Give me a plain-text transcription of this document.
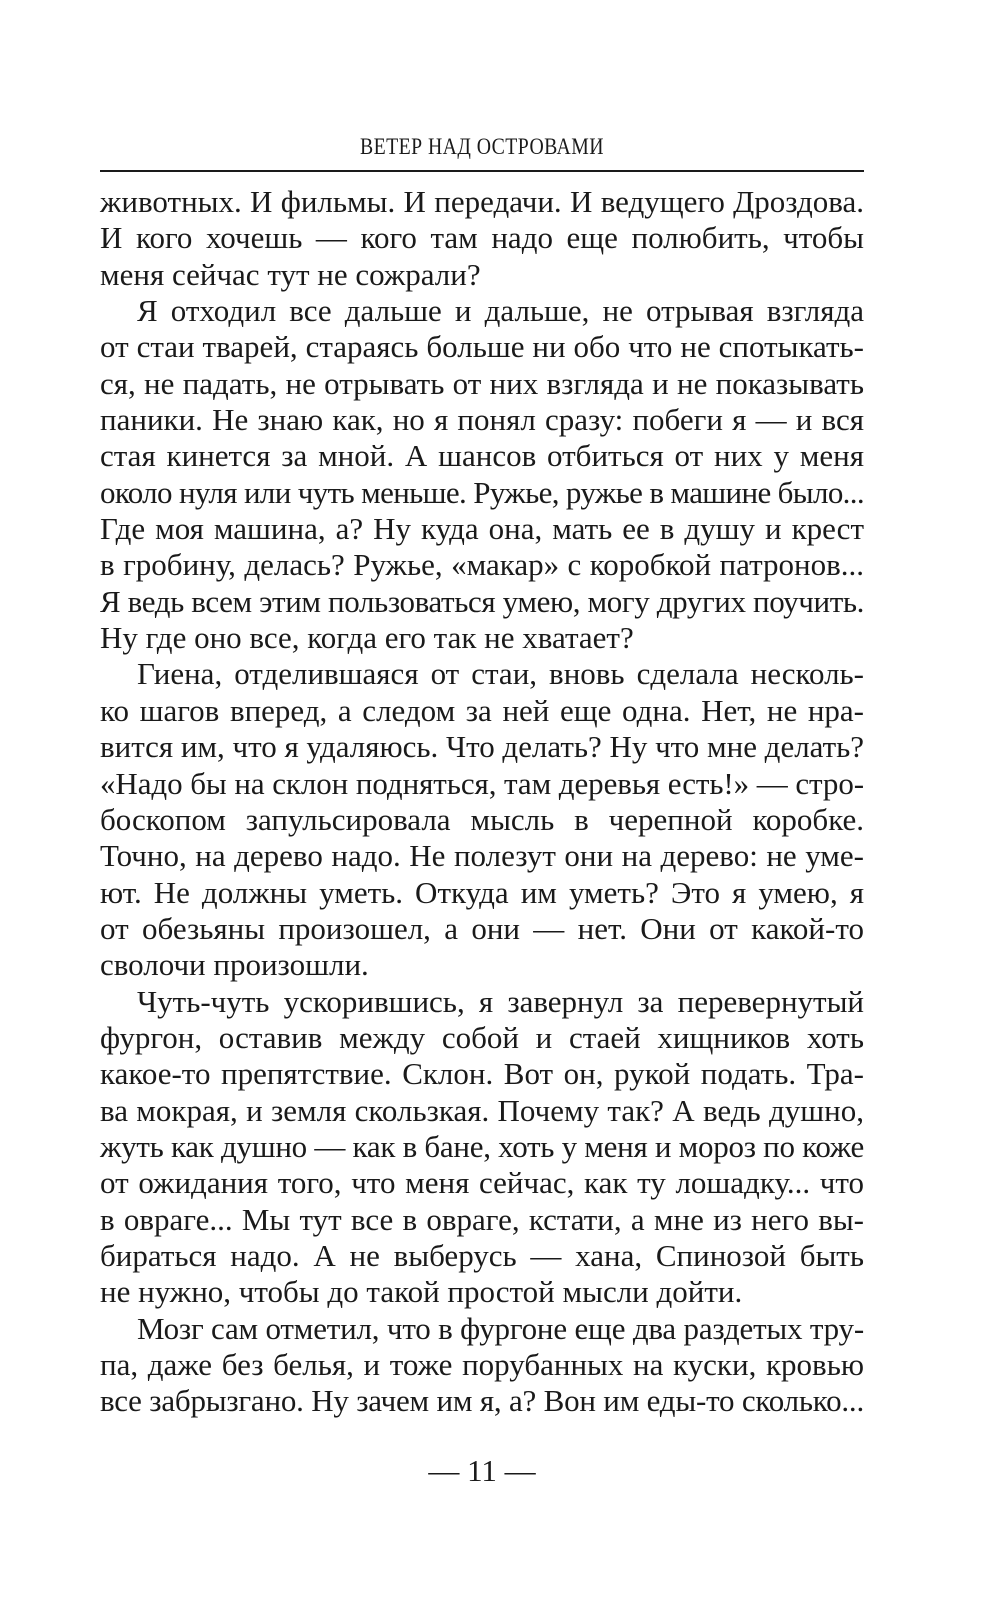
ВЕТЕР НАД ОСТРОВАМИ

животных. И фильмы. И передачи. И ведущего Дроздова.
И кого хочешь — кого там надо еще полюбить, чтобы
меня сейчас тут не сожрали?

Я отходил все дальше и дальше, не отрывая взгляда
от стаи тварей, стараясь больше ни обо что не спотыкать-
ся, не падать, не отрывать от них взгляда и не показывать
паники. Не знаю как, но я понял сразу: побеги я — и вся
стая кинется за мной. А шансов отбиться от них у меня
около нуля или чуть меньше. Ружье, ружье в машине было...
Где моя машина, а? Ну куда она, мать ее в душу и крест
в гробину, делась? Ружье, «макар» с коробкой патронов...
Я ведь всем этим пользоваться умею, могу других поучить.
Ну где оно все, когда его так не хватает?

Гиена, отделившаяся от стаи, вновь сделала несколь-
ко шагов вперед, а следом за ней еще одна. Нет, не нра-
вится им, что я удаляюсь. Что делать? Ну что мне делать?
«Надо бы на склон подняться, там деревья есть!» — стро-
боскопом запульсировала мысль в черепной коробке.
Точно, на дерево надо. Не полезут они на дерево: не уме-
ют. Не должны уметь. Откуда им уметь? Это я умею, я
от обезьяны произошел, а они — нет. Они от какой-то
сволочи произошли.

Чуть-чуть ускорившись, я завернул за перевернутый
фургон, оставив между собой и стаей хищников хоть
какое-то препятствие. Склон. Вот он, рукой подать. Тра-
ва мокрая, и земля скользкая. Почему так? А ведь душно,
жуть как душно — как в бане, хоть у меня и мороз по коже
от ожидания того, что меня сейчас, как ту лошадку... что
в овраге... Мы тут все в овраге, кстати, а мне из него вы-
бираться надо. А не выберусь — хана, Спинозой быть
не нужно, чтобы до такой простой мысли дойти.

Мозг сам отметил, что в фургоне еще два раздетых тру-
па, даже без белья, и тоже порубанных на куски, кровью
все забрызгано. Ну зачем им я, а? Вон им еды-то сколько...

— 11 —
